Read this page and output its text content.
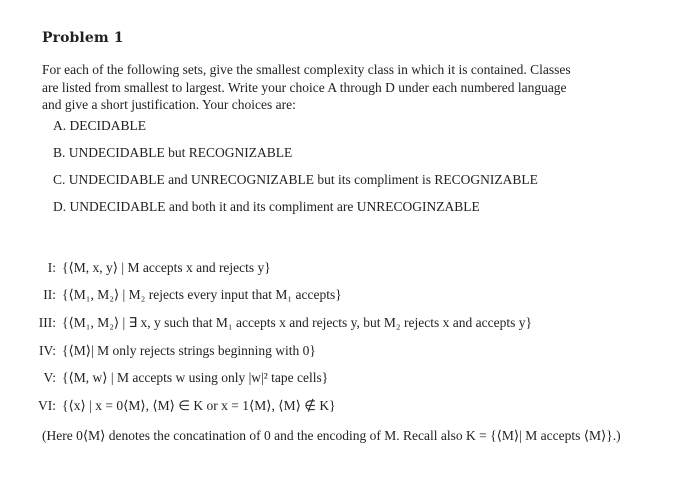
Problem 1
For each of the following sets, give the smallest complexity class in which it is contained. Classes
are listed from smallest to largest. Write your choice A through D under each numbered language
and give a short justification. Your choices are:
A. DECIDABLE
B. UNDECIDABLE but RECOGNIZABLE
C. UNDECIDABLE and UNRECOGNIZABLE but its compliment is RECOGNIZABLE
D. UNDECIDABLE and both it and its compliment are UNRECOGINZABLE
I: {⟨M, x, y⟩ | M accepts x and rejects y}
II: {⟨M₁, M₂⟩ | M₂ rejects every input that M₁ accepts}
III: {⟨M₁, M₂⟩ | ∃ x, y such that M₁ accepts x and rejects y, but M₂ rejects x and accepts y}
IV: {⟨M⟩| M only rejects strings beginning with 0}
V: {⟨M, w⟩ | M accepts w using only |w|² tape cells}
VI: {⟨x⟩ | x = 0⟨M⟩, ⟨M⟩ ∈ K or x = 1⟨M⟩, ⟨M⟩ ∉ K}
(Here 0⟨M⟩ denotes the concatination of 0 and the encoding of M. Recall also K = {⟨M⟩| M accepts ⟨M⟩}.)
